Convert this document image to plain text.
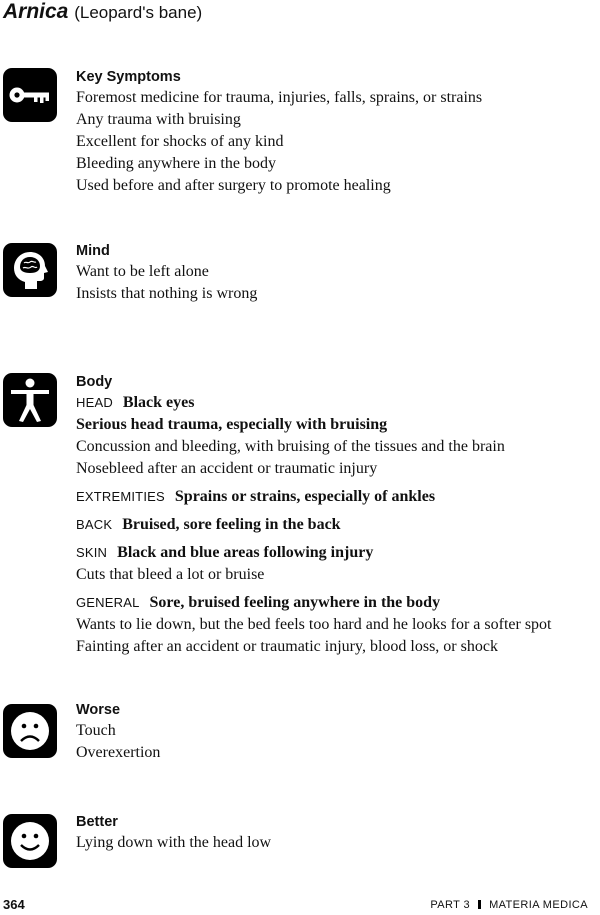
Arnica (Leopard's bane)
Key Symptoms
Foremost medicine for trauma, injuries, falls, sprains, or strains
Any trauma with bruising
Excellent for shocks of any kind
Bleeding anywhere in the body
Used before and after surgery to promote healing
Mind
Want to be left alone
Insists that nothing is wrong
Body
HEAD Black eyes
Serious head trauma, especially with bruising
Concussion and bleeding, with bruising of the tissues and the brain
Nosebleed after an accident or traumatic injury
EXTREMITIES Sprains or strains, especially of ankles
BACK Bruised, sore feeling in the back
SKIN Black and blue areas following injury
Cuts that bleed a lot or bruise
GENERAL Sore, bruised feeling anywhere in the body
Wants to lie down, but the bed feels too hard and he looks for a softer spot
Fainting after an accident or traumatic injury, blood loss, or shock
Worse
Touch
Overexertion
Better
Lying down with the head low
364	PART 3 MATERIA MEDICA
